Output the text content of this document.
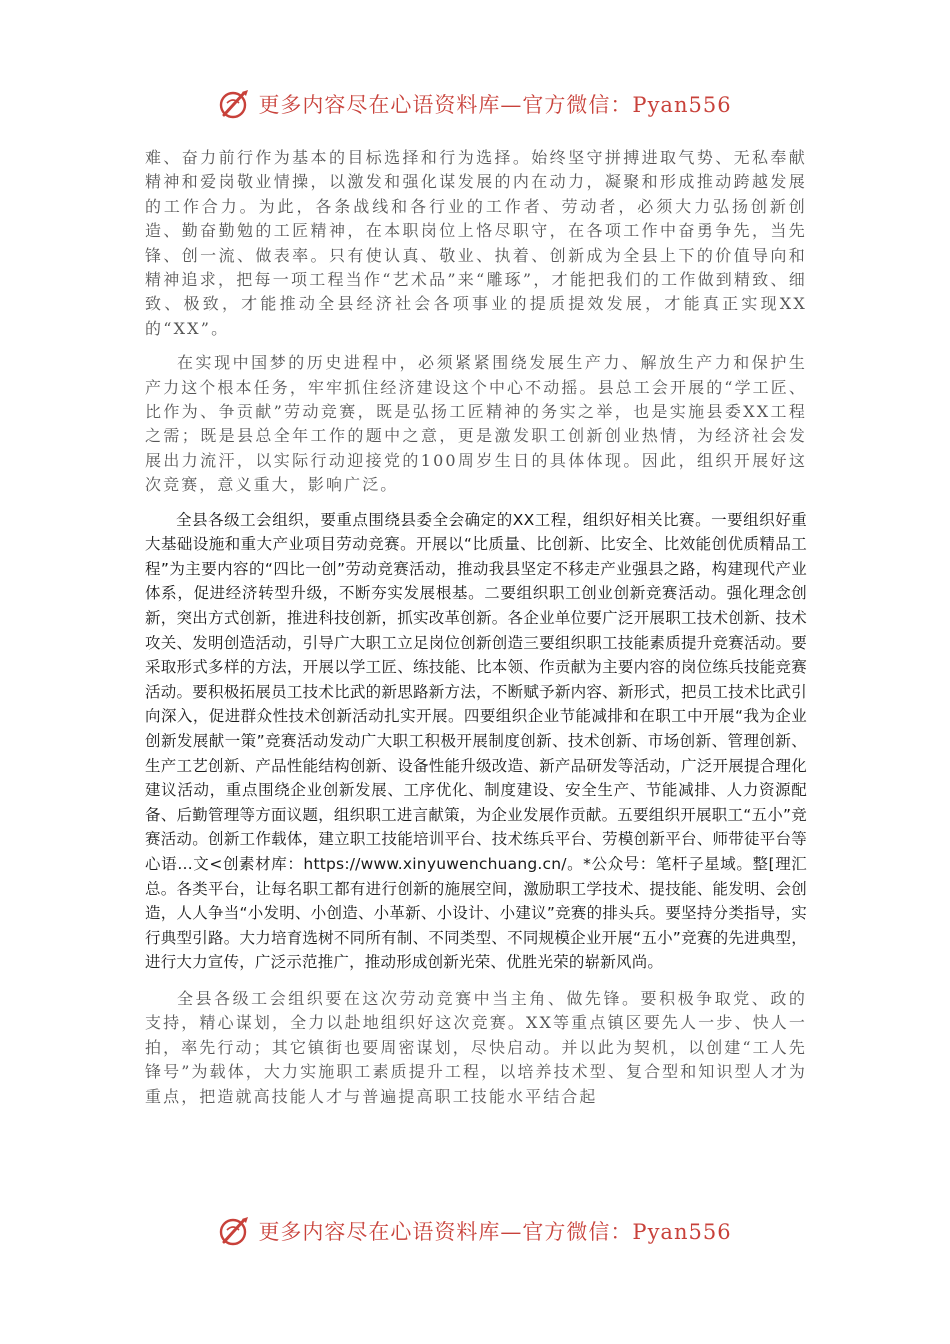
更多内容尽在心语资料库—官方微信：Pyan556

难、奋力前行作为基本的目标选择和行为选择。始终坚守拼搏进取气势、无私奉献精神和爱岗敬业情操，以激发和强化谋发展的内在动力，凝聚和形成推动跨越发展的工作合力。为此，各条战线和各行业的工作者、劳动者，必须大力弘扬创新创造、勤奋勤勉的工匠精神，在本职岗位上恪尽职守，在各项工作中奋勇争先，当先锋、创一流、做表率。只有使认真、敬业、执着、创新成为全县上下的价值导向和精神追求，把每一项工程当作“艺术品”来“雕琢”，才能把我们的工作做到精致、细致、极致，才能推动全县经济社会各项事业的提质提效发展，才能真正实现XX的“XX”。

在实现中国梦的历史进程中，必须紧紧围绕发展生产力、解放生产力和保护生产力这个根本任务，牢牢抓住经济建设这个中心不动摇。县总工会开展的“学工匠、比作为、争贡献”劳动竞赛，既是弘扬工匠精神的务实之举，也是实施县委XX工程之需；既是县总全年工作的题中之意，更是激发职工创新创业热情，为经济社会发展出力流汗，以实际行动迎接党的100周岁生日的具体体现。因此，组织开展好这次竞赛，意义重大，影响广泛。

全县各级工会组织，要重点围绕县委全会确定的XX工程，组织好相关比赛。一要组织好重大基础设施和重大产业项目劳动竞赛。开展以“比质量、比创新、比安全、比效能创优质精品工程”为主要内容的“四比一创”劳动竞赛活动，推动我县坚定不移走产业强县之路，构建现代产业体系，促进经济转型升级，不断夯实发展根基。二要组织职工创业创新竞赛活动。强化理念创新，突出方式创新，推进科技创新，抓实改革创新。各企业单位要广泛开展职工技术创新、技术攻关、发明创造活动，引导广大职工立足岗位创新创造三要组织职工技能素质提升竞赛活动。要采取形式多样的方法，开展以学工匠、练技能、比本领、作贡献为主要内容的岗位练兵技能竞赛活动。要积极拓展员工技术比武的新思路新方法，不断赋予新内容、新形式，把员工技术比武引向深入，促进群众性技术创新活动扎实开展。四要组织企业节能减排和在职工中开展“我为企业创新发展献一策”竞赛活动发动广大职工积极开展制度创新、技术创新、市场创新、管理创新、生产工艺创新、产品性能结构创新、设备性能升级改造、新产品研发等活动，广泛开展提合理化建议活动，重点围绕企业创新发展、工序优化、制度建设、安全生产、节能减排、人力资源配备、后勤管理等方面议题，组织职工进言献策，为企业发展作贡献。五要组织开展职工“五小”竞赛活动。创新工作载体，建立职工技能培训平台、技术练兵平台、劳模创新平台、师带徒平台等心语…文<创素材库：https://www.xinyuwenchuang.cn/。*公众号：笔杆子星域。整[理汇总。各类平台，让每名职工都有进行创新的施展空间，激励职工学技术、提技能、能发明、会创造，人人争当“小发明、小创造、小革新、小设计、小建议”竞赛的排头兵。要坚持分类指导，实行典型引路。大力培育选树不同所有制、不同类型、不同规模企业开展“五小”竞赛的先进典型，进行大力宣传，广泛示范推广，推动形成创新光荣、优胜光荣的崭新风尚。

全县各级工会组织要在这次劳动竞赛中当主角、做先锋。要积极争取党、政的支持，精心谋划，全力以赴地组织好这次竞赛。XX等重点镇区要先人一步、快人一拍，率先行动；其它镇街也要周密谋划，尽快启动。并以此为契机，以创建“工人先锋号”为载体，大力实施职工素质提升工程，以培养技术型、复合型和知识型人才为重点，把造就高技能人才与普遍提高职工技能水平结合起

更多内容尽在心语资料库—官方微信：Pyan556
